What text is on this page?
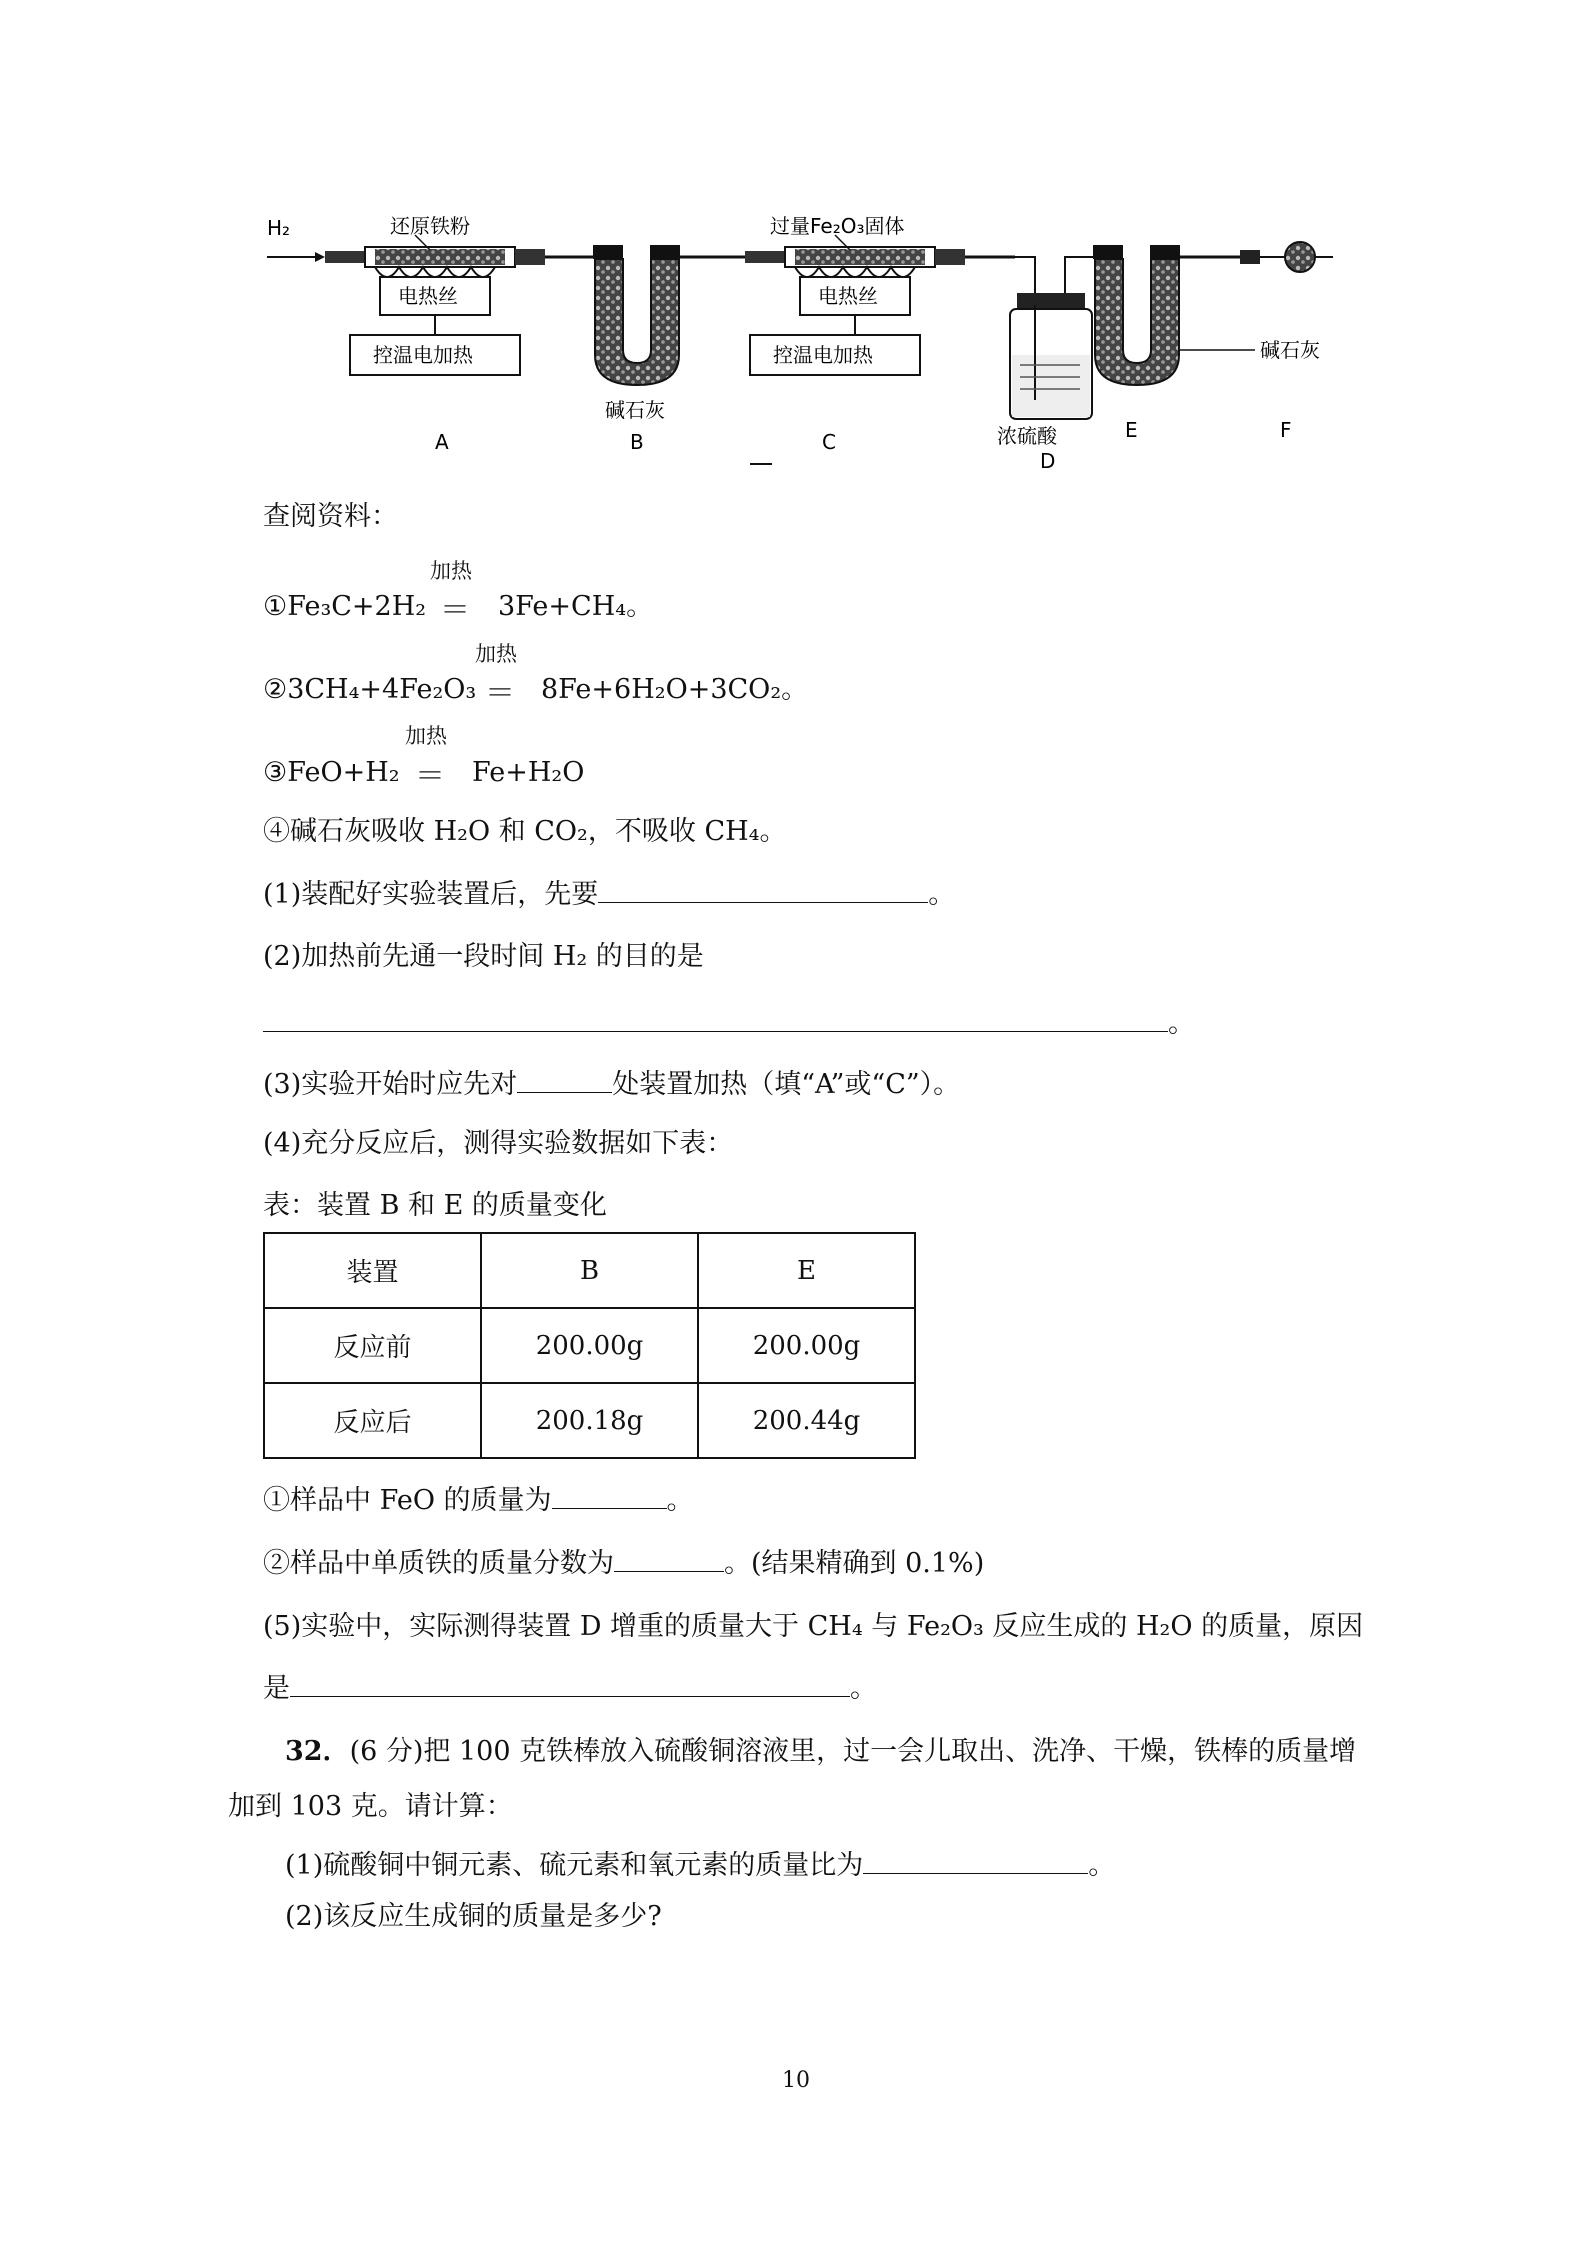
H₂	还原铁粉
电热丝
控温电加热
碱石灰
过量Fe₂O₃固体
电热丝
控温电加热
浓硫酸
碱石灰
A	B	C
D
E	F
查阅资料：
加热
①Fe₃C+2H₂ ＝ 3Fe+CH₄。
加热
②3CH₄+4Fe₂O₃ ＝ 8Fe+6H₂O+3CO₂。
加热
③FeO+H₂ ＝ Fe+H₂O
④碱石灰吸收 H₂O 和 CO₂，不吸收 CH₄。
(1)装配好实验装置后，先要	。
(2)加热前先通一段时间 H₂ 的目的是
。
(3)实验开始时应先对	处装置加热（填“A”或“C”）。
(4)充分反应后，测得实验数据如下表：
表：装置 B 和 E 的质量变化
装置	B	E
反应前	200.00g	200.00g
反应后	200.18g	200.44g
①样品中 FeO 的质量为	。
②样品中单质铁的质量分数为	。(结果精确到 0.1%)
(5)实验中，实际测得装置 D 增重的质量大于 CH₄ 与 Fe₂O₃ 反应生成的 H₂O 的质量，原因
是	。
32．(6 分)把 100 克铁棒放入硫酸铜溶液里，过一会儿取出、洗净、干燥，铁棒的质量增
加到 103 克。请计算：
(1)硫酸铜中铜元素、硫元素和氧元素的质量比为	。
(2)该反应生成铜的质量是多少?
10
